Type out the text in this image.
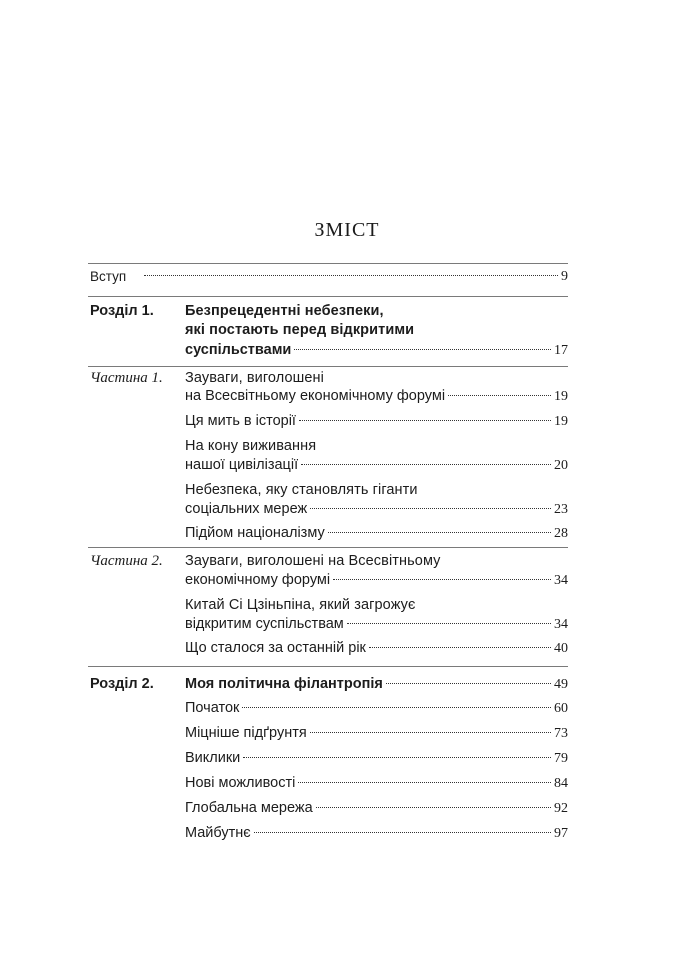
ЗМІСТ
Вступ	9
Розділ 1. Безпрецедентні небезпеки,
які постають перед відкритими
суспільствами	17
Частина 1. Зауваги, виголошені
на Всесвітньому економічному форумі	19
Ця мить в історії	19
На кону виживання
нашої цивілізації	20
Небезпека, яку становлять гіганти
соціальних мереж	23
Підйом націоналізму	28
Частина 2. Зауваги, виголошені на Всесвітньому
економічному форумі	34
Китай Сі Цзіньпіна, який загрожує
відкритим суспільствам	34
Що сталося за останній рік	40
Розділ 2. Моя політична філантропія	49
Початок	60
Міцніше підґрунтя	73
Виклики	79
Нові можливості	84
Глобальна мережа	92
Майбутнє	97
